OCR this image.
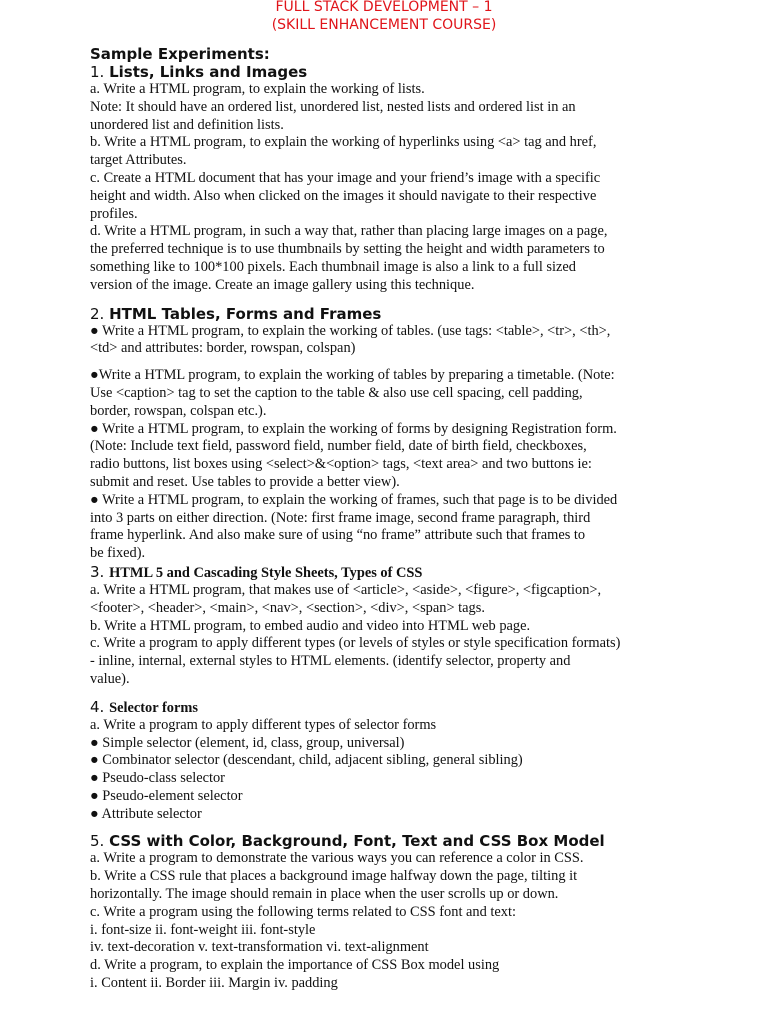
FULL STACK DEVELOPMENT – 1
(SKILL ENHANCEMENT COURSE)
Sample Experiments:
1. Lists, Links and Images
a. Write a HTML program, to explain the working of lists.
Note: It should have an ordered list, unordered list, nested lists and ordered list in an
unordered list and definition lists.
b. Write a HTML program, to explain the working of hyperlinks using <a> tag and href,
target Attributes.
c. Create a HTML document that has your image and your friend’s image with a specific
height and width. Also when clicked on the images it should navigate to their respective
profiles.
d. Write a HTML program, in such a way that, rather than placing large images on a page,
the preferred technique is to use thumbnails by setting the height and width parameters to
something like to 100*100 pixels. Each thumbnail image is also a link to a full sized
version of the image. Create an image gallery using this technique.
2. HTML Tables, Forms and Frames
● Write a HTML program, to explain the working of tables. (use tags: <table>, <tr>, <th>,
<td> and attributes: border, rowspan, colspan)
●Write a HTML program, to explain the working of tables by preparing a timetable. (Note:
Use <caption> tag to set the caption to the table & also use cell spacing, cell padding,
border, rowspan, colspan etc.).
● Write a HTML program, to explain the working of forms by designing Registration form.
(Note: Include text field, password field, number field, date of birth field, checkboxes,
radio buttons, list boxes using <select>&<option> tags, <text area> and two buttons ie:
submit and reset. Use tables to provide a better view).
● Write a HTML program, to explain the working of frames, such that page is to be divided
into 3 parts on either direction. (Note: first frame image, second frame paragraph, third
frame hyperlink. And also make sure of using “no frame” attribute such that frames to
be fixed).
3. HTML 5 and Cascading Style Sheets, Types of CSS
a. Write a HTML program, that makes use of <article>, <aside>, <figure>, <figcaption>,
<footer>, <header>, <main>, <nav>, <section>, <div>, <span> tags.
b. Write a HTML program, to embed audio and video into HTML web page.
c. Write a program to apply different types (or levels of styles or style specification formats)
- inline, internal, external styles to HTML elements. (identify selector, property and
value).
4. Selector forms
a. Write a program to apply different types of selector forms
● Simple selector (element, id, class, group, universal)
● Combinator selector (descendant, child, adjacent sibling, general sibling)
● Pseudo-class selector
● Pseudo-element selector
● Attribute selector
5. CSS with Color, Background, Font, Text and CSS Box Model
a. Write a program to demonstrate the various ways you can reference a color in CSS.
b. Write a CSS rule that places a background image halfway down the page, tilting it
horizontally. The image should remain in place when the user scrolls up or down.
c. Write a program using the following terms related to CSS font and text:
i. font-size ii. font-weight iii. font-style
iv. text-decoration v. text-transformation vi. text-alignment
d. Write a program, to explain the importance of CSS Box model using
i. Content ii. Border iii. Margin iv. padding
